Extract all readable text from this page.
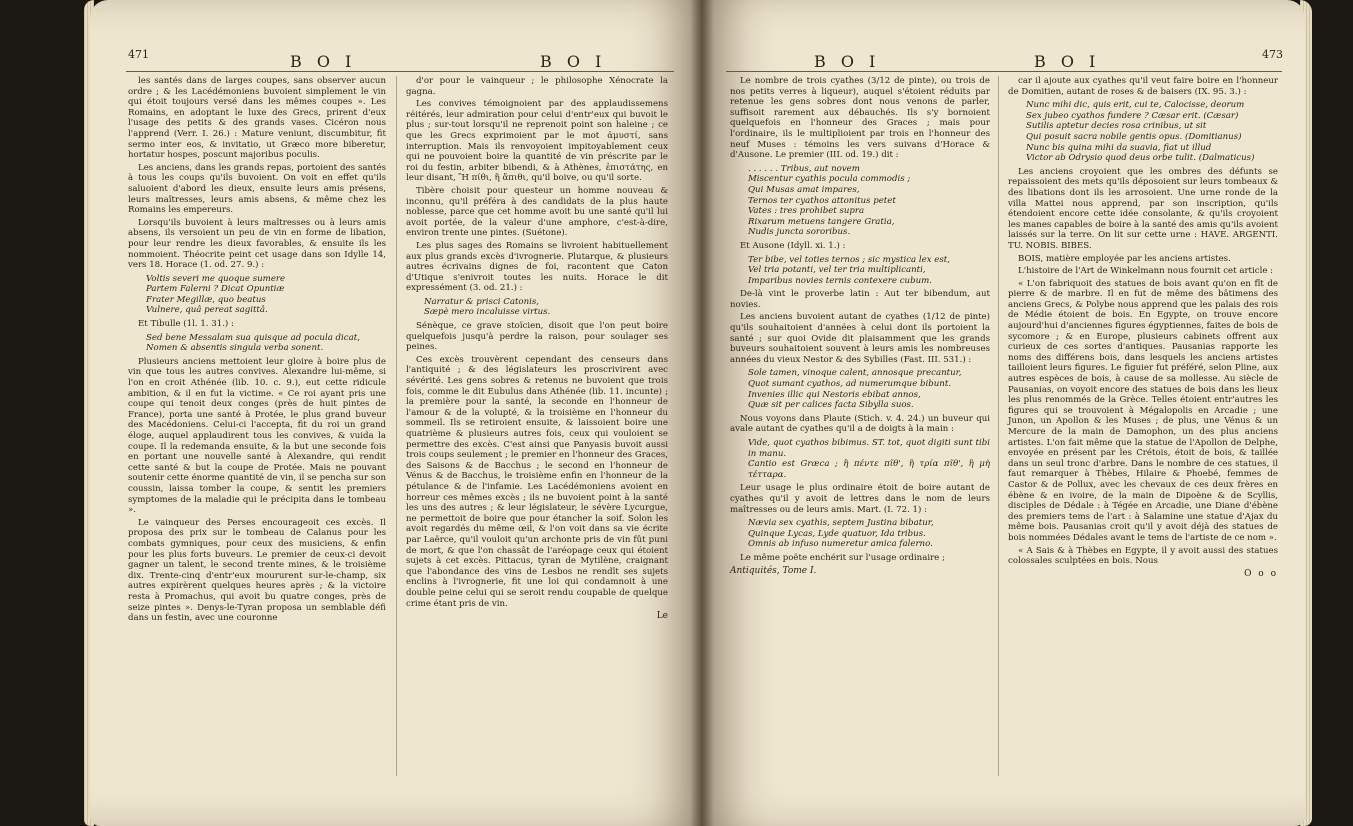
471	B O I	B O I

les santés dans de larges coupes, sans observer aucun ordre ; & les Lacédémoniens buvoient simplement le vin qui étoit toujours versé dans les mêmes coupes ». Les Romains, en adoptant le luxe des Grecs, prirent d'eux l'usage des petits & des grands vases. Cicéron nous l'apprend (Verr. I. 26.) : Mature veniunt, discumbitur, fit sermo inter eos, & invitatio, ut Græco more biberetur, hortatur hospes, poscunt majoribus poculis.

Les anciens, dans les grands repas, portoient des santés à tous les coups qu'ils buvoient. On voit en effet qu'ils saluoient d'abord les dieux, ensuite leurs amis présens, leurs maîtresses, leurs amis absens, & même chez les Romains les empereurs.

Lorsqu'ils buvoient à leurs maîtresses ou à leurs amis absens, ils versoient un peu de vin en forme de libation, pour leur rendre les dieux favorables, & ensuite ils les nommoient. Théocrite peint cet usage dans son Idylle 14, vers 18. Horace (1. od. 27. 9.) :

Voltis severi me quoque sumere
Partem Falerni ? Dicat Opuntiæ
Frater Megillæ, quo beatus
Vulnere, quâ pereat sagittâ.

Et Tibulle (1l. 1. 31.) :

Sed bene Messalam sua quisque ad pocula dicat,
Nomen & absentis singula verba sonent.

Plusieurs anciens mettoient leur gloire à boire plus de vin que tous les autres convives. Alexandre lui-même, si l'on en croit Athénée (lib. 10. c. 9.), eut cette ridicule ambition, & il en fut la victime. « Ce roi ayant pris une coupe qui tenoit deux conges (près de huit pintes de France), porta une santé à Protée, le plus grand buveur des Macédoniens. Celui-ci l'accepta, fit du roi un grand éloge, auquel applaudirent tous les convives, & vuida la coupe. Il la redemanda ensuite, & la but une seconde fois en portant une nouvelle santé à Alexandre, qui rendit cette santé & but la coupe de Protée. Mais ne pouvant soutenir cette énorme quantité de vin, il se pencha sur son coussin, laissa tomber la coupe, & sentit les premiers symptomes de la maladie qui le précipita dans le tombeau ».

Le vainqueur des Perses encourageoit ces excès. Il proposa des prix sur le tombeau de Calanus pour les combats gymniques, pour ceux des musiciens, & enfin pour les plus forts buveurs. Le premier de ceux-ci devoit gagner un talent, le second trente mines, & le troisième dix. Trente-cinq d'entr'eux moururent sur-le-champ, six autres expirèrent quelques heures après ; & la victoire resta à Promachus, qui avoit bu quatre conges, près de seize pintes ». Denys-le-Tyran proposa un semblable défi dans un festin, avec une couronne

d'or pour le vainqueur ; le philosophe Xénocrate la gagna.

Les convives témoignoient par des applaudissemens réitérés, leur admiration pour celui d'entr'eux qui buvoit le plus ; sur-tout lorsqu'il ne reprenoit point son haleine ; ce que les Grecs exprimoient par le mot ἀμυστί, sans interruption. Mais ils renvoyoient impitoyablement ceux qui ne pouvoient boire la quantité de vin préscrite par le roi du festin, arbiter bibendi, & à Athènes, ἐπιστάτης, en leur disant, Ἢ πίθι, ἢ ἄπιθι, qu'il boive, ou qu'il sorte.

Tibère choisit pour questeur un homme nouveau & inconnu, qu'il préféra à des candidats de la plus haute noblesse, parce que cet homme avoit bu une santé qu'il lui avoit portée, de la valeur d'une amphore, c'est-à-dire, environ trente une pintes. (Suétone).

Les plus sages des Romains se livroient habituellement aux plus grands excès d'ivrognerie. Plutarque, & plusieurs autres écrivains dignes de foi, racontent que Caton d'Utique s'enivroit toutes les nuits. Horace le dit expressément (3. od. 21.) :

Narratur & prisci Catonis,
Sæpè mero incaluisse virtus.

Sénèque, ce grave stoïcien, disoit que l'on peut boire quelquefois jusqu'à perdre la raison, pour soulager ses peines.

Ces excès trouvèrent cependant des censeurs dans l'antiquité ; & des législateurs les proscrivirent avec sévérité. Les gens sobres & retenus ne buvoient que trois fois, comme le dit Eubulus dans Athénée (lib. 11. incunte) ; la première pour la santé, la seconde en l'honneur de l'amour & de la volupté, & la troisième en l'honneur du sommeil. Ils se retiroient ensuite, & laissoient boire une quatrième & plusieurs autres fois, ceux qui vouloient se permettre des excès. C'est ainsi que Panyasis buvoit aussi trois coups seulement ; le premier en l'honneur des Graces, des Saisons & de Bacchus ; le second en l'honneur de Vénus & de Bacchus, le troisième enfin en l'honneur de la pétulance & de l'infamie. Les Lacédémoniens avoient en horreur ces mêmes excès ; ils ne buvoient point à la santé les uns des autres ; & leur législateur, le sévère Lycurgue, ne permettoit de boire que pour étancher la soif. Solon les avoit regardés du même œil, & l'on voit dans sa vie écrite par Laërce, qu'il vouloit qu'un archonte pris de vin fût puni de mort, & que l'on chassât de l'aréopage ceux qui étoient sujets à cet excès. Pittacus, tyran de Mytilène, craignant que l'abondance des vins de Lesbos ne rendît ses sujets enclins à l'ivrognerie, fit une loi qui condamnoit à une double peine celui qui se seroit rendu coupable de quelque crime étant pris de vin.

Le
B O I	B O I	473

Le nombre de trois cyathes (3/12 de pinte), ou trois de nos petits verres à liqueur), auquel s'étoient réduits par retenue les gens sobres dont nous venons de parler, suffisoit rarement aux débauchés. Ils s'y bornoient quelquefois en l'honneur des Graces ; mais pour l'ordinaire, ils le multiplioient par trois en l'honneur des neuf Muses : témoins les vers suivans d'Horace & d'Ausone. Le premier (III. od. 19.) dit :

. . . . . . Tribus, aut novem
Miscentur cyathis pocula commodis ;
Qui Musas amat impares,
Ternos ter cyathos attonitus petet
Vates : tres prohibet supra
Rixarum metuens tangere Gratia,
Nudis juncta sororibus.

Et Ausone (Idyll. xi. 1.) :

Ter bibe, vel toties ternos ; sic mystica lex est,
Vel tria potanti, vel ter tria multiplicanti,
Imparibus novies ternis contexere cubum.

De-là vint le proverbe latin : Aut ter bibendum, aut novies.

Les anciens buvoient autant de cyathes (1/12 de pinte) qu'ils souhaitoient d'années à celui dont ils portoient la santé ; sur quoi Ovide dit plaisamment que les grands buveurs souhaitoient souvent à leurs amis les nombreuses années du vieux Nestor & des Sybilles (Fast. III. 531.) :

Sole tamen, vinoque calent, annosque precantur,
Quot sumant cyathos, ad numerumque bibunt.
Invenies illic qui Nestoris ebibat annos,
Quæ sit per calices facta Sibylla suos.

Nous voyons dans Plaute (Stich. v. 4. 24.) un buveur qui avale autant de cyathes qu'il a de doigts à la main :

Vide, quot cyathos bibimus. ST. tot, quot digiti sunt tibi in manu.
Cantio est Græca ; ἢ πέντε πῖθ', ἢ τρία πῖθ', ἢ μὴ τέτταρα.

Leur usage le plus ordinaire étoit de boire autant de cyathes qu'il y avoit de lettres dans le nom de leurs maîtresses ou de leurs amis. Mart. (I. 72. 1) :

Nævia sex cyathis, septem Justina bibatur,
Quinque Lycas, Lyde quatuor, Ida tribus.
Omnis ab infuso numeretur amica falerno.

Le même poëte enchérit sur l'usage ordinaire ;

Antiquités, Tome I.

car il ajoute aux cyathes qu'il veut faire boire en l'honneur de Domitien, autant de roses & de baisers (IX. 95. 3.) :

Nunc mihi dic, quis erit, cui te, Calocisse, deorum
Sex jubeo cyathos fundere ? Cæsar erit. (Cæsar)
Sutilis aptetur decies rosa crinibus, ut sit
Qui posuit sacra nobile gentis opus. (Domitianus)
Nunc bis quina mihi da suavia, fiat ut illud
Victor ab Odrysio quod deus orbe tulit. (Dalmaticus)

Les anciens croyoient que les ombres des défunts se repaissoient des mets qu'ils déposoient sur leurs tombeaux & des libations dont ils les arrosoient. Une urne ronde de la villa Mattei nous apprend, par son inscription, qu'ils étendoient encore cette idée consolante, & qu'ils croyoient les manes capables de boire à la santé des amis qu'ils avoient laissés sur la terre. On lit sur cette urne : HAVE. ARGENTI. TU. NOBIS. BIBES.

BOIS, matière employée par les anciens artistes.

L'histoire de l'Art de Winkelmann nous fournit cet article :

« L'on fabriquoit des statues de bois avant qu'on en fît de pierre & de marbre. Il en fut de même des bâtimens des anciens Grecs, & Polybe nous apprend que les palais des rois de Médie étoient de bois. En Egypte, on trouve encore aujourd'hui d'anciennes figures égyptiennes, faites de bois de sycomore ; & en Europe, plusieurs cabinets offrent aux curieux de ces sortes d'antiques. Pausanias rapporte les noms des différens bois, dans lesquels les anciens artistes tailloient leurs figures. Le figuier fut préféré, selon Pline, aux autres espèces de bois, à cause de sa mollesse. Au siècle de Pausanias, on voyoit encore des statues de bois dans les lieux les plus renommés de la Grèce. Telles étoient entr'autres les figures qui se trouvoient à Mégalopolis en Arcadie ; une Junon, un Apollon & les Muses ; de plus, une Vénus & un Mercure de la main de Damophon, un des plus anciens artistes. L'on fait même que la statue de l'Apollon de Delphe, envoyée en présent par les Crétois, étoit de bois, & taillée dans un seul tronc d'arbre. Dans le nombre de ces statues, il faut remarquer à Thèbes, Hilaire & Phoebé, femmes de Castor & de Pollux, avec les chevaux de ces deux frères en ébène & en ivoire, de la main de Dipoène & de Scyllis, disciples de Dédale : à Tégée en Arcadie, une Diane d'ébène des premiers tems de l'art : à Salamine une statue d'Ajax du même bois. Pausanias croit qu'il y avoit déjà des statues de bois nommées Dédales avant le tems de l'artiste de ce nom ».

« A Sais & à Thèbes en Egypte, il y avoit aussi des statues colossales sculptées en bois. Nous

O o o
